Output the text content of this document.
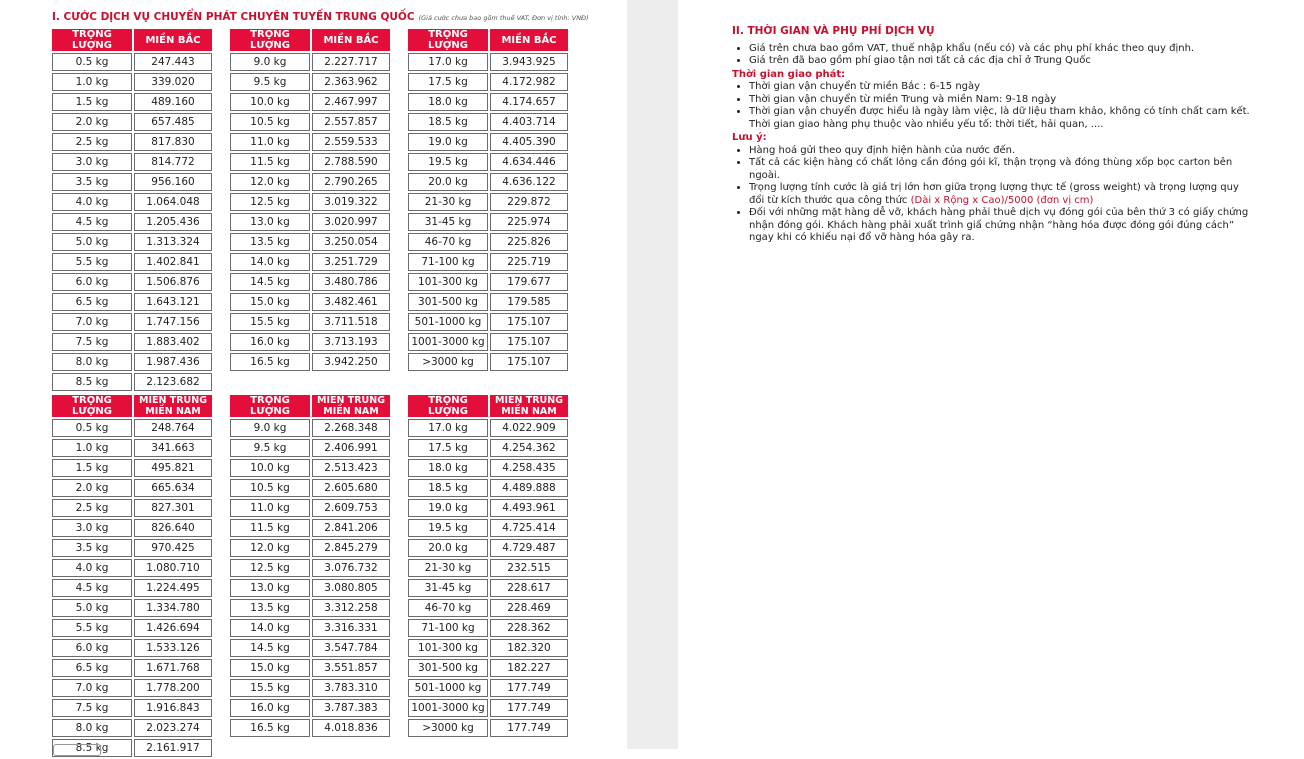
I. CƯỚC DỊCH VỤ CHUYỂN PHÁT CHUYÊN TUYẾN TRUNG QUỐC (Giá cước chưa bao gồm thuế VAT, Đơn vị tính: VNĐ)
TRỌNG LƯỢNG	MIỀN BẮC
0.5 kg	247.443
1.0 kg	339.020
1.5 kg	489.160
2.0 kg	657.485
2.5 kg	817.830
3.0 kg	814.772
3.5 kg	956.160
4.0 kg	1.064.048
4.5 kg	1.205.436
5.0 kg	1.313.324
5.5 kg	1.402.841
6.0 kg	1.506.876
6.5 kg	1.643.121
7.0 kg	1.747.156
7.5 kg	1.883.402
8.0 kg	1.987.436
8.5 kg	2.123.682
TRỌNG LƯỢNG	MIỀN BẮC
9.0 kg	2.227.717
9.5 kg	2.363.962
10.0 kg	2.467.997
10.5 kg	2.557.857
11.0 kg	2.559.533
11.5 kg	2.788.590
12.0 kg	2.790.265
12.5 kg	3.019.322
13.0 kg	3.020.997
13.5 kg	3.250.054
14.0 kg	3.251.729
14.5 kg	3.480.786
15.0 kg	3.482.461
15.5 kg	3.711.518
16.0 kg	3.713.193
16.5 kg	3.942.250
TRỌNG LƯỢNG	MIỀN BẮC
17.0 kg	3.943.925
17.5 kg	4.172.982
18.0 kg	4.174.657
18.5 kg	4.403.714
19.0 kg	4.405.390
19.5 kg	4.634.446
20.0 kg	4.636.122
21-30 kg	229.872
31-45 kg	225.974
46-70 kg	225.826
71-100 kg	225.719
101-300 kg	179.677
301-500 kg	179.585
501-1000 kg	175.107
1001-3000 kg	175.107
>3000 kg	175.107
TRỌNG LƯỢNG	MIỀN TRUNG
MIỀN NAM
0.5 kg	248.764
1.0 kg	341.663
1.5 kg	495.821
2.0 kg	665.634
2.5 kg	827.301
3.0 kg	826.640
3.5 kg	970.425
4.0 kg	1.080.710
4.5 kg	1.224.495
5.0 kg	1.334.780
5.5 kg	1.426.694
6.0 kg	1.533.126
6.5 kg	1.671.768
7.0 kg	1.778.200
7.5 kg	1.916.843
8.0 kg	2.023.274
8.5 kg	2.161.917
TRỌNG LƯỢNG	MIỀN TRUNG
MIỀN NAM
9.0 kg	2.268.348
9.5 kg	2.406.991
10.0 kg	2.513.423
10.5 kg	2.605.680
11.0 kg	2.609.753
11.5 kg	2.841.206
12.0 kg	2.845.279
12.5 kg	3.076.732
13.0 kg	3.080.805
13.5 kg	3.312.258
14.0 kg	3.316.331
14.5 kg	3.547.784
15.0 kg	3.551.857
15.5 kg	3.783.310
16.0 kg	3.787.383
16.5 kg	4.018.836
TRỌNG LƯỢNG	MIỀN TRUNG
MIỀN NAM
17.0 kg	4.022.909
17.5 kg	4.254.362
18.0 kg	4.258.435
18.5 kg	4.489.888
19.0 kg	4.493.961
19.5 kg	4.725.414
20.0 kg	4.729.487
21-30 kg	232.515
31-45 kg	228.617
46-70 kg	228.469
71-100 kg	228.362
101-300 kg	182.320
301-500 kg	182.227
501-1000 kg	177.749
1001-3000 kg	177.749
>3000 kg	177.749
II. THỜI GIAN VÀ PHỤ PHÍ DỊCH VỤ
• Giá trên chưa bao gồm VAT, thuế nhập khẩu (nếu có) và các phụ phí khác theo quy định.
• Giá trên đã bao gồm phí giao tận nơi tất cả các địa chỉ ở Trung Quốc
Thời gian giao phát:
• Thời gian vận chuyển từ miền Bắc : 6-15 ngày
• Thời gian vận chuyển từ miền Trung và miền Nam: 9-18 ngày
• Thời gian vận chuyển được hiểu là ngày làm việc, là dữ liệu tham khảo, không có tính chất cam kết. Thời gian giao hàng phụ thuộc vào nhiều yếu tố: thời tiết, hải quan, ....
Lưu ý:
• Hàng hoá gửi theo quy định hiện hành của nước đến.
• Tất cả các kiện hàng có chất lỏng cần đóng gói kĩ, thận trọng và đóng thùng xốp bọc carton bên ngoài.
• Trọng lượng tính cước là giá trị lớn hơn giữa trọng lượng thực tế (gross weight) và trọng lượng quy đổi từ kích thước qua công thức (Dài x Rộng x Cao)/5000 (đơn vị cm)
• Đối với những mặt hàng dễ vỡ, khách hàng phải thuê dịch vụ đóng gói của bên thứ 3 có giấy chứng nhận đóng gói. Khách hàng phải xuất trình giấ chứng nhận “hàng hóa được đóng gói đúng cách” ngay khi có khiếu nại đổ vỡ hàng hóa gây ra.
